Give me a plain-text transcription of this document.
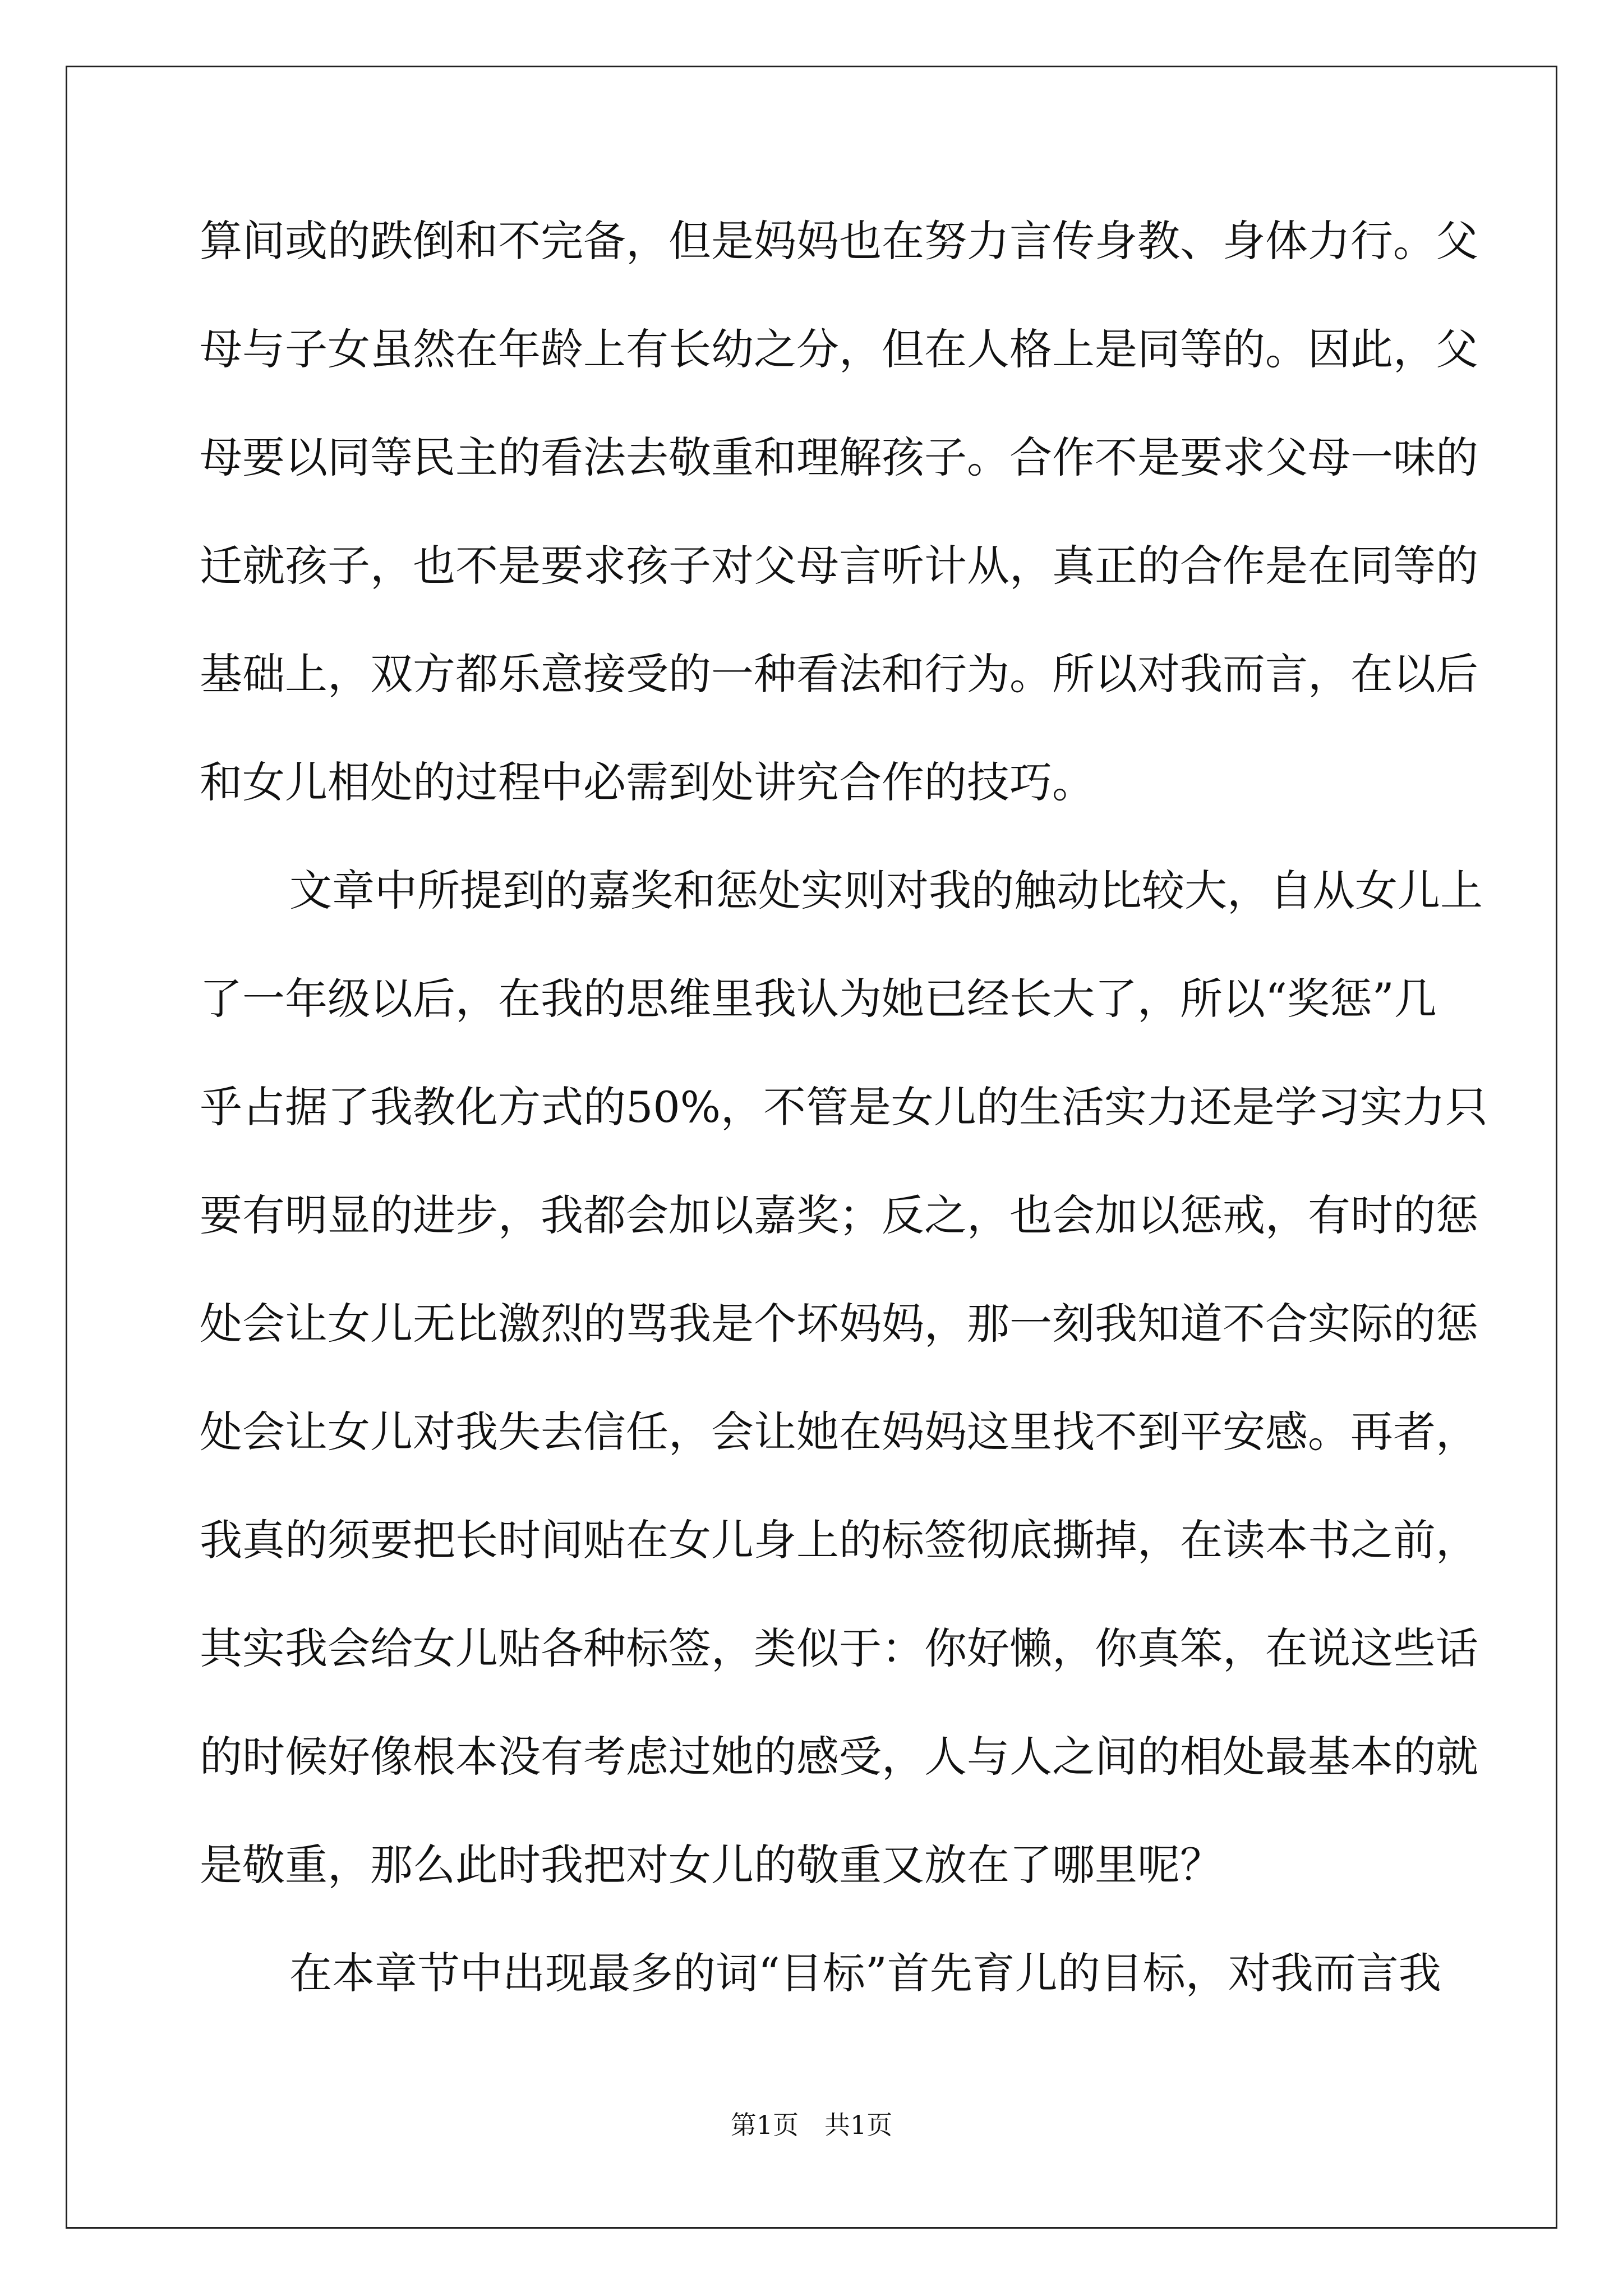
算间或的跌倒和不完备，但是妈妈也在努力言传身教、身体力行。父
母与子女虽然在年龄上有长幼之分，但在人格上是同等的。因此，父
母要以同等民主的看法去敬重和理解孩子。合作不是要求父母一味的
迁就孩子，也不是要求孩子对父母言听计从，真正的合作是在同等的
基础上，双方都乐意接受的一种看法和行为。所以对我而言，在以后
和女儿相处的过程中必需到处讲究合作的技巧。
文章中所提到的嘉奖和惩处实则对我的触动比较大，自从女儿上
了一年级以后，在我的思维里我认为她已经长大了，所以“奖惩”几
乎占据了我教化方式的50%，不管是女儿的生活实力还是学习实力只
要有明显的进步，我都会加以嘉奖；反之，也会加以惩戒，有时的惩
处会让女儿无比激烈的骂我是个坏妈妈，那一刻我知道不合实际的惩
处会让女儿对我失去信任，会让她在妈妈这里找不到平安感。再者，
我真的须要把长时间贴在女儿身上的标签彻底撕掉，在读本书之前，
其实我会给女儿贴各种标签，类似于：你好懒，你真笨，在说这些话
的时候好像根本没有考虑过她的感受，人与人之间的相处最基本的就
是敬重，那么此时我把对女儿的敬重又放在了哪里呢？
在本章节中出现最多的词“目标”首先育儿的目标，对我而言我
第1页　共1页
